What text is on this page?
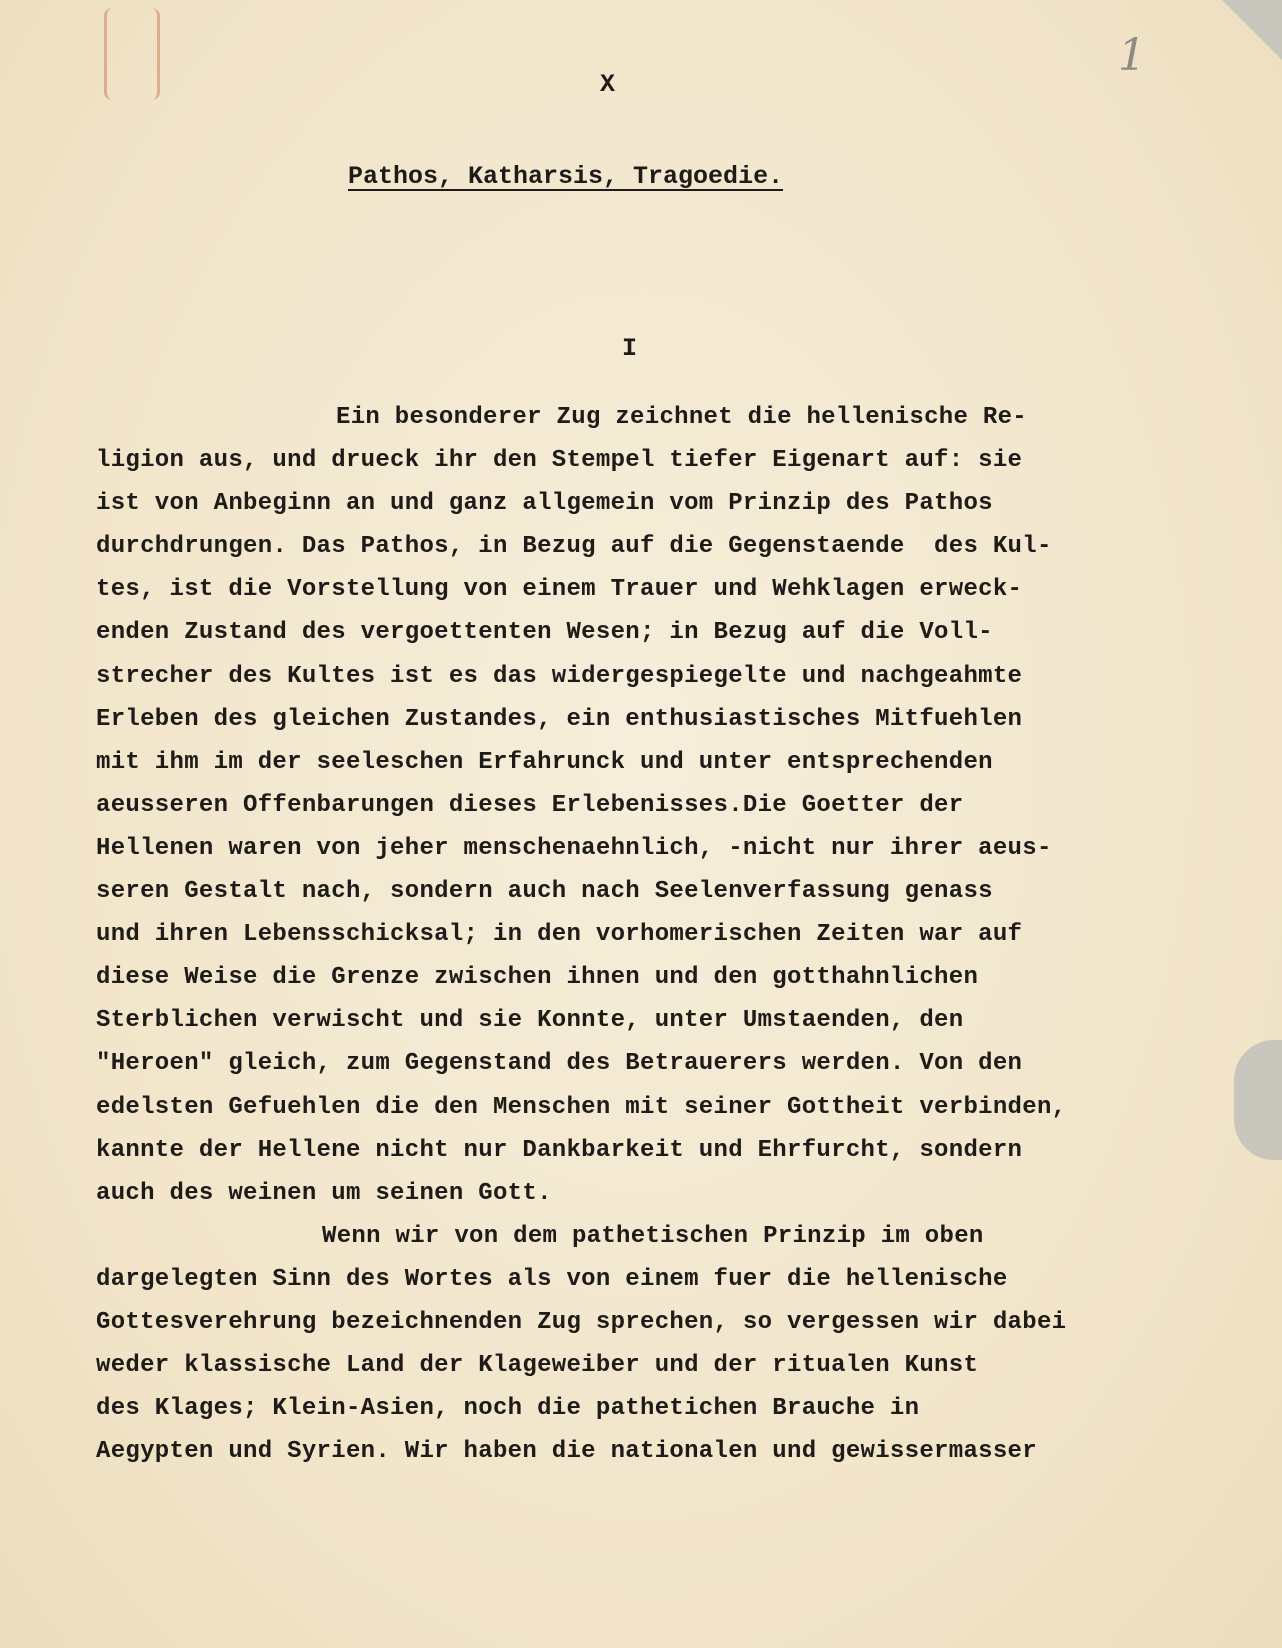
1
X
Pathos, Katharsis, Tragoedie.
I
Ein besonderer Zug zeichnet die hellenische Re-
ligion aus, und drueck ihr den Stempel tiefer Eigenart auf: sie
ist von Anbeginn an und ganz allgemein vom Prinzip des Pathos
durchdrungen. Das Pathos, in Bezug auf die Gegenstaende  des Kul-
tes, ist die Vorstellung von einem Trauer und Wehklagen erweck-
enden Zustand des vergoettenten Wesen; in Bezug auf die Voll-
strecher des Kultes ist es das widergespiegelte und nachgeahmte
Erleben des gleichen Zustandes, ein enthusiastisches Mitfuehlen
mit ihm im der seeleschen Erfahrunck und unter entsprechenden
aeusseren Offenbarungen dieses Erlebenisses.Die Goetter der
Hellenen waren von jeher menschenaehnlich, -nicht nur ihrer aeus-
seren Gestalt nach, sondern auch nach Seelenverfassung genass
und ihren Lebensschicksal; in den vorhomerischen Zeiten war auf
diese Weise die Grenze zwischen ihnen und den gotthahnlichen
Sterblichen verwischt und sie Konnte, unter Umstaenden, den
"Heroen" gleich, zum Gegenstand des Betrauerers werden. Von den
edelsten Gefuehlen die den Menschen mit seiner Gottheit verbinden,
kannte der Hellene nicht nur Dankbarkeit und Ehrfurcht, sondern
auch des weinen um seinen Gott.
Wenn wir von dem pathetischen Prinzip im oben
dargelegten Sinn des Wortes als von einem fuer die hellenische
Gottesverehrung bezeichnenden Zug sprechen, so vergessen wir dabei
weder klassische Land der Klageweiber und der ritualen Kunst
des Klages; Klein-Asien, noch die pathetichen Brauche in
Aegypten und Syrien. Wir haben die nationalen und gewissermasser
